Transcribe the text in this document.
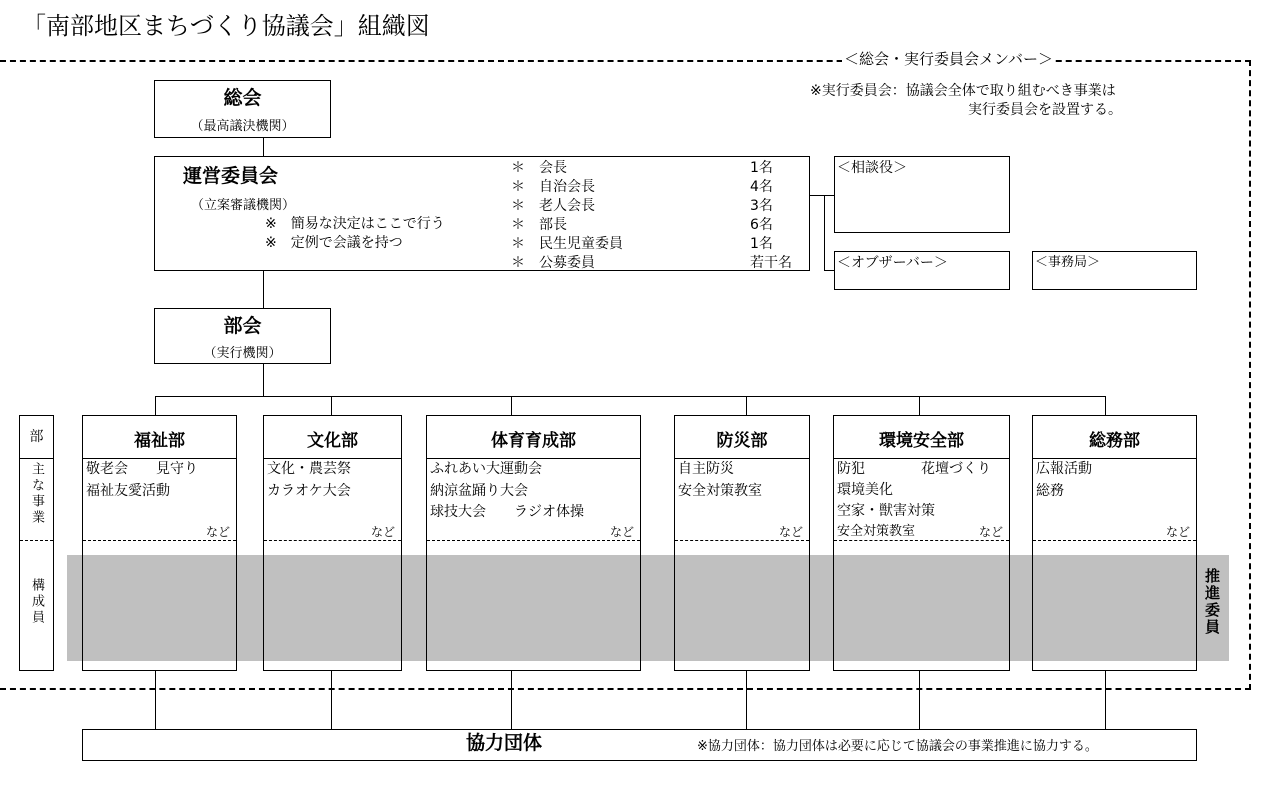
「南部地区まちづくり協議会」組織図
＜総会・実行委員会メンバー＞
※実行委員会：協議会全体で取り組むべき事業は
実行委員会を設置する。
総会
（最高議決機関）
運営委員会
（立案審議機関）
※　簡易な決定はここで行う
※　定例で会議を持つ
＊　会長	1名
＊　自治会長	4名
＊　老人会長	3名
＊　部長	6名
＊　民生児童委員	1名
＊　公募委員	若干名
＜相談役＞
＜オブザーバー＞	＜事務局＞
部会
（実行機関）
部
主な事業
構成員
福祉部
敬老会　　見守り
福祉友愛活動
など
文化部
文化・農芸祭
カラオケ大会
など
体育育成部
ふれあい大運動会
納涼盆踊り大会
球技大会　　ラジオ体操
など
防災部
自主防災
安全対策教室
など
環境安全部
防犯　　　　花壇づくり
環境美化
空家・獣害対策
安全対策教室	など
総務部
広報活動
総務
など
推進委員
協力団体	※協力団体：協力団体は必要に応じて協議会の事業推進に協力する。
